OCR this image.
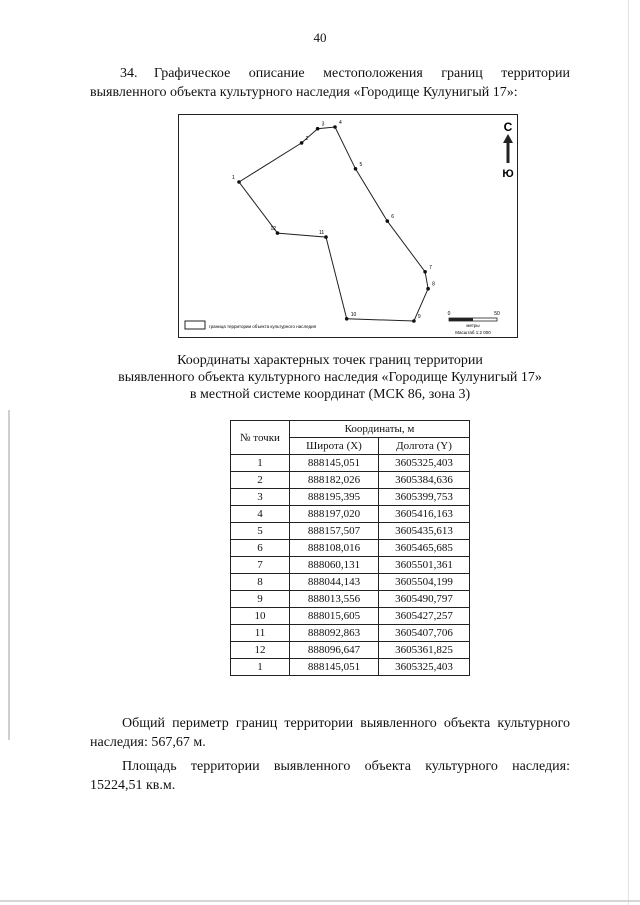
40
34. Графическое описание местоположения границ территории выявленного объекта культурного наследия «Городище Кулунигый 17»:
С
Ю
1
2
3	4
5
6
7
8
9
10
11
12
граница территории объекта культурного наследия
0	50
метры
Масштаб 1:2 000
Координаты характерных точек границ территории
выявленного объекта культурного наследия «Городище Кулунигый 17»
в местной системе координат (МСК 86, зона 3)
№ точки	Координаты, м	
	Широта (X)	Долгота (Y)
1	888145,051	3605325,403
2	888182,026	3605384,636
3	888195,395	3605399,753
4	888197,020	3605416,163
5	888157,507	3605435,613
6	888108,016	3605465,685
7	888060,131	3605501,361
8	888044,143	3605504,199
9	888013,556	3605490,797
10	888015,605	3605427,257
11	888092,863	3605407,706
12	888096,647	3605361,825
1	888145,051	3605325,403

Общий периметр границ территории выявленного объекта культурного наследия: 567,67 м.

Площадь территории выявленного объекта культурного наследия: 15224,51 кв.м.
